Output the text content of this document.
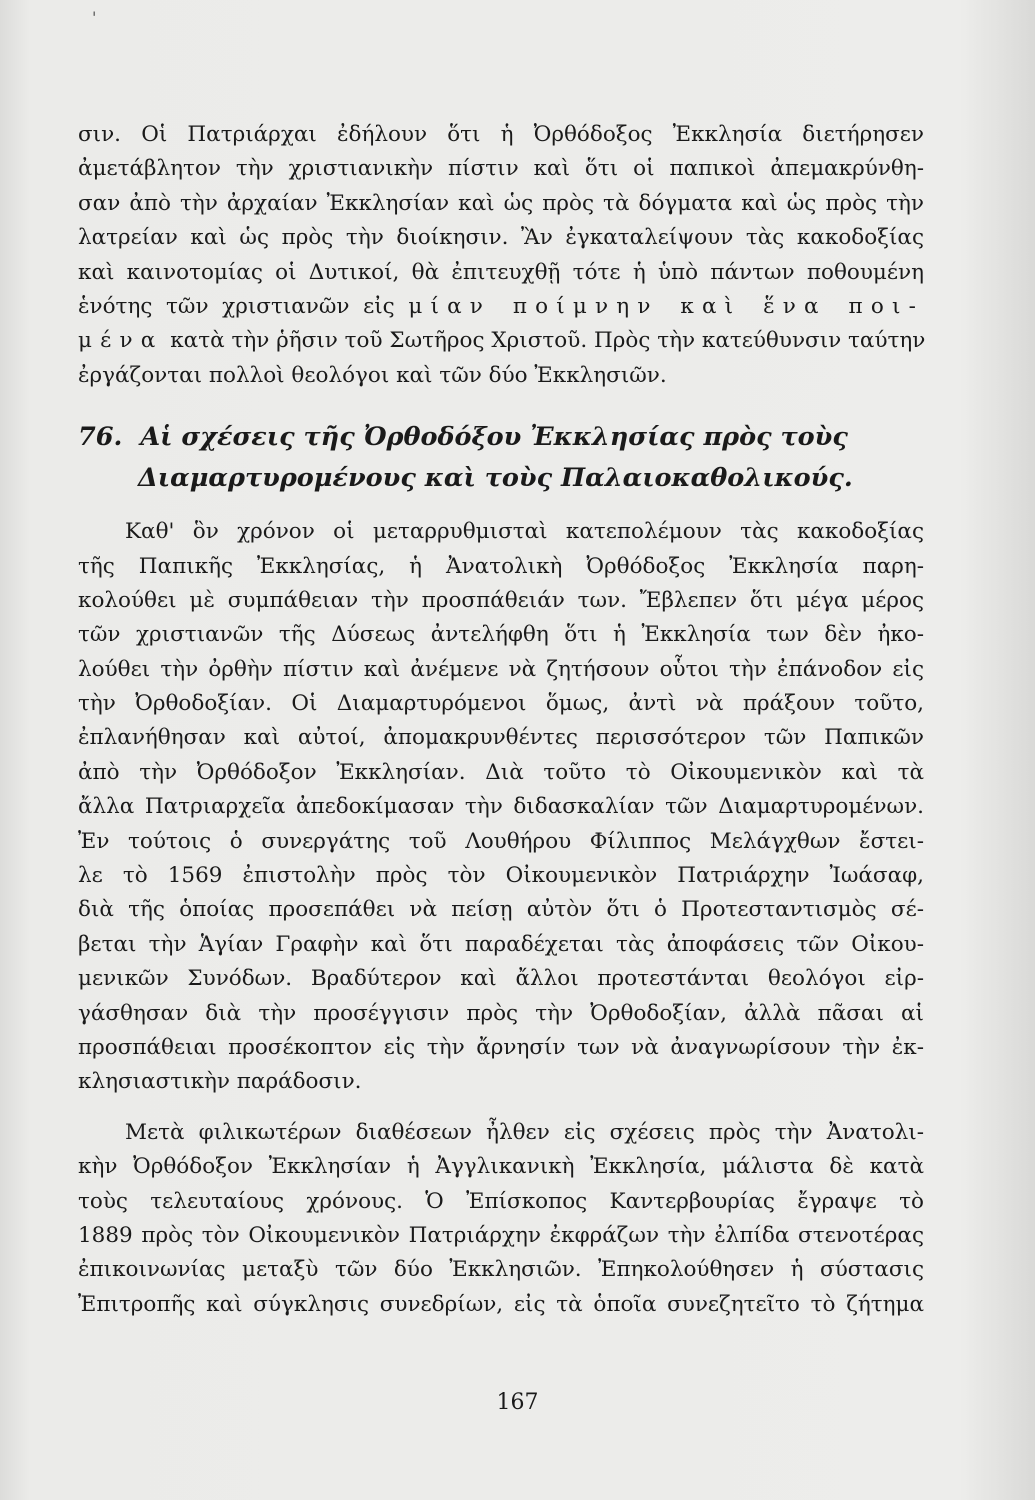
'
σιν. Οἱ Πατριάρχαι ἐδήλουν ὅτι ἡ Ὀρθόδοξος Ἐκκλησία διετήρησεν
ἀμετάβλητον τὴν χριστιανικὴν πίστιν καὶ ὅτι οἱ παπικοὶ ἀπεμακρύνθη-
σαν ἀπὸ τὴν ἀρχαίαν Ἐκκλησίαν καὶ ὡς πρὸς τὰ δόγματα καὶ ὡς πρὸς τὴν
λατρείαν καὶ ὡς πρὸς τὴν διοίκησιν. Ἂν ἐγκαταλείψουν τὰς κακοδοξίας
καὶ καινοτομίας οἱ Δυτικοί, θὰ ἐπιτευχθῇ τότε ἡ ὑπὸ πάντων ποθουμένη
ἑνότης τῶν χριστιανῶν εἰς μίαν ποίμνην καὶ ἕνα ποι-
μένα κατὰ τὴν ῥῆσιν τοῦ Σωτῆρος Χριστοῦ. Πρὸς τὴν κατεύθυνσιν ταύτην
ἐργάζονται πολλοὶ θεολόγοι καὶ τῶν δύο Ἐκκλησιῶν.
76. Αἱ σχέσεις τῆς Ὀρθοδόξου Ἐκκλησίας πρὸς τοὺς
Διαμαρτυρομένους καὶ τοὺς Παλαιοκαθολικούς.
Καθ' ὃν χρόνον οἱ μεταρρυθμισταὶ κατεπολέμουν τὰς κακοδοξίας
τῆς Παπικῆς Ἐκκλησίας, ἡ Ἀνατολικὴ Ὀρθόδοξος Ἐκκλησία παρη-
κολούθει μὲ συμπάθειαν τὴν προσπάθειάν των. Ἔβλεπεν ὅτι μέγα μέρος
τῶν χριστιανῶν τῆς Δύσεως ἀντελήφθη ὅτι ἡ Ἐκκλησία των δὲν ἠκο-
λούθει τὴν ὀρθὴν πίστιν καὶ ἀνέμενε νὰ ζητήσουν οὗτοι τὴν ἐπάνοδον εἰς
τὴν Ὀρθοδοξίαν. Οἱ Διαμαρτυρόμενοι ὅμως, ἀντὶ νὰ πράξουν τοῦτο,
ἐπλανήθησαν καὶ αὐτοί, ἀπομακρυνθέντες περισσότερον τῶν Παπικῶν
ἀπὸ τὴν Ὀρθόδοξον Ἐκκλησίαν. Διὰ τοῦτο τὸ Οἰκουμενικὸν καὶ τὰ
ἄλλα Πατριαρχεῖα ἀπεδοκίμασαν τὴν διδασκαλίαν τῶν Διαμαρτυρομένων.
Ἐν τούτοις ὁ συνεργάτης τοῦ Λουθήρου Φίλιππος Μελάγχθων ἔστει-
λε τὸ 1569 ἐπιστολὴν πρὸς τὸν Οἰκουμενικὸν Πατριάρχην Ἰωάσαφ,
διὰ τῆς ὁποίας προσεπάθει νὰ πείσῃ αὐτὸν ὅτι ὁ Προτεσταντισμὸς σέ-
βεται τὴν Ἁγίαν Γραφὴν καὶ ὅτι παραδέχεται τὰς ἀποφάσεις τῶν Οἰκου-
μενικῶν Συνόδων. Βραδύτερον καὶ ἄλλοι προτεστάνται θεολόγοι εἰρ-
γάσθησαν διὰ τὴν προσέγγισιν πρὸς τὴν Ὀρθοδοξίαν, ἀλλὰ πᾶσαι αἱ
προσπάθειαι προσέκοπτον εἰς τὴν ἄρνησίν των νὰ ἀναγνωρίσουν τὴν ἐκ-
κλησιαστικὴν παράδοσιν.
Μετὰ φιλικωτέρων διαθέσεων ἦλθεν εἰς σχέσεις πρὸς τὴν Ἀνατολι-
κὴν Ὀρθόδοξον Ἐκκλησίαν ἡ Ἀγγλικανικὴ Ἐκκλησία, μάλιστα δὲ κατὰ
τοὺς τελευταίους χρόνους. Ὁ Ἐπίσκοπος Καντερβουρίας ἔγραψε τὸ
1889 πρὸς τὸν Οἰκουμενικὸν Πατριάρχην ἐκφράζων τὴν ἐλπίδα στενοτέρας
ἐπικοινωνίας μεταξὺ τῶν δύο Ἐκκλησιῶν. Ἐπηκολούθησεν ἡ σύστασις
Ἐπιτροπῆς καὶ σύγκλησις συνεδρίων, εἰς τὰ ὁποῖα συνεζητεῖτο τὸ ζήτημα
167
